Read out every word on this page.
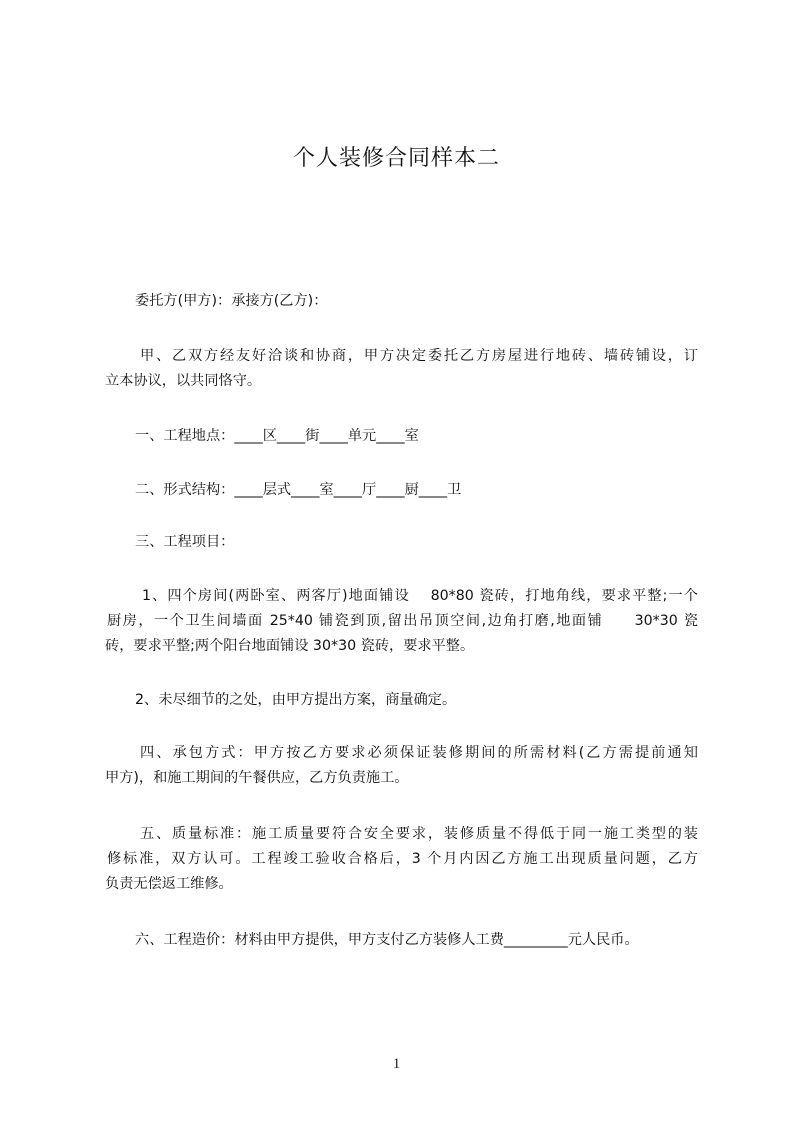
个人装修合同样本二
委托方(甲方)：承接方(乙方)：
甲、乙双方经友好洽谈和协商，甲方决定委托乙方房屋进行地砖、墙砖铺设，订
立本协议，以共同恪守。
一、工程地点：____区____街____单元____室
二、形式结构：____层式____室____厅____厨____卫
三、工程项目：
1、四个房间(两卧室、两客厅)地面铺设　 80*80 瓷砖，打地角线，要求平整;一个
厨房，一个卫生间墙面 25*40 铺瓷到顶,留出吊顶空间,边角打磨,地面铺　　30*30 瓷
砖，要求平整;两个阳台地面铺设 30*30 瓷砖，要求平整。
2、未尽细节的之处，由甲方提出方案，商量确定。
四、承包方式：甲方按乙方要求必须保证装修期间的所需材料(乙方需提前通知
甲方)，和施工期间的午餐供应，乙方负责施工。
五、质量标准：施工质量要符合安全要求，装修质量不得低于同一施工类型的装
修标准，双方认可。工程竣工验收合格后，3 个月内因乙方施工出现质量问题，乙方
负责无偿返工维修。
六、工程造价：材料由甲方提供，甲方支付乙方装修人工费_________元人民币。
1
